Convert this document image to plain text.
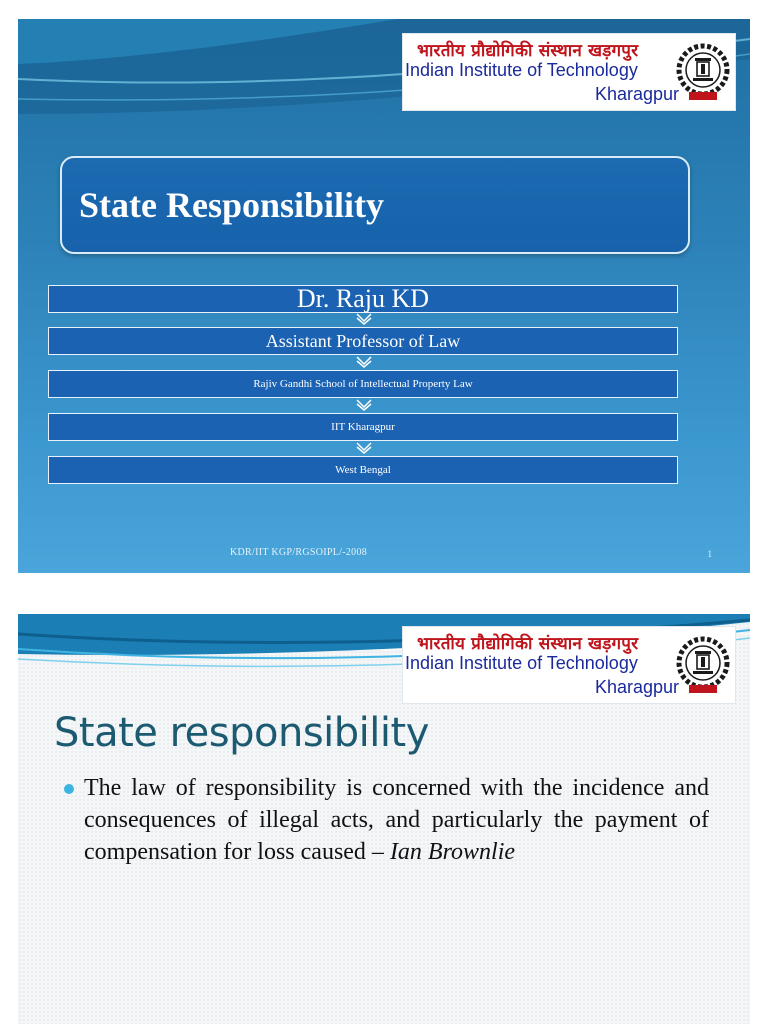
भारतीय प्रौद्योगिकी संस्थान खड़गपुर
Indian Institute of Technology
Kharagpur
State Responsibility
Dr. Raju KD
Assistant Professor of Law
Rajiv Gandhi School of Intellectual Property Law
IIT Kharagpur
West Bengal
KDR/IIT KGP/RGSOIPL/-2008	1
भारतीय प्रौद्योगिकी संस्थान खड़गपुर
Indian Institute of Technology
Kharagpur
State responsibility
The law of responsibility is concerned with the incidence and consequences of illegal acts, and particularly the payment of compensation for loss caused – Ian Brownlie
